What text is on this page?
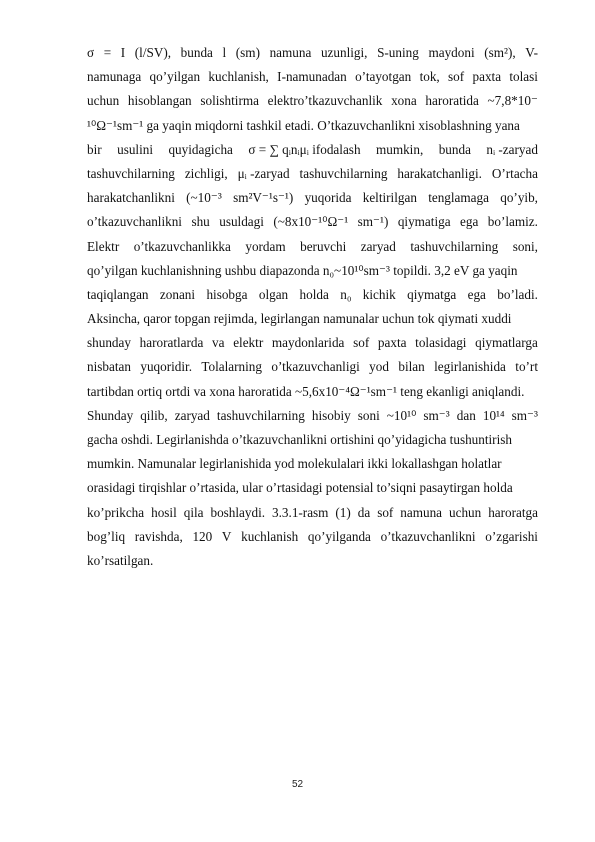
σ = I (l/SV), bunda l (sm) namuna uzunligi, S-uning maydoni (sm²), V-
namunaga qo’yilgan kuchlanish, I-namunadan o’tayotgan tok, sof paxta tolasi
uchun hisoblangan solishtirma elektro’tkazuvchanlik xona haroratida ~7,8*10⁻
¹⁰Ω⁻¹sm⁻¹ ga yaqin miqdorni tashkil etadi. O’tkazuvchanlikni xisoblashning yana
bir usulini quyidagicha σ = ∑ qᵢnᵢμᵢ ifodalash mumkin, bunda nᵢ -zaryad
tashuvchilarning zichligi, μᵢ -zaryad tashuvchilarning harakatchanligi. O’rtacha
harakatchanlikni (~10⁻³ sm²V⁻¹s⁻¹) yuqorida keltirilgan tenglamaga qo’yib,
o’tkazuvchanlikni shu usuldagi (~8x10⁻¹⁰Ω⁻¹ sm⁻¹) qiymatiga ega bo’lamiz.
Elektr o’tkazuvchanlikka yordam beruvchi zaryad tashuvchilarning soni,
qo’yilgan kuchlanishning ushbu diapazonda n₀~10¹⁰sm⁻³ topildi. 3,2 eV ga yaqin
taqiqlangan zonani hisobga olgan holda n₀ kichik qiymatga ega bo’ladi.
Aksincha, qaror topgan rejimda, legirlangan namunalar uchun tok qiymati xuddi
shunday haroratlarda va elektr maydonlarida sof paxta tolasidagi qiymatlarga
nisbatan yuqoridir. Tolalarning o’tkazuvchanligi yod bilan legirlanishida to’rt
tartibdan ortiq ortdi va xona haroratida ~5,6x10⁻⁴Ω⁻¹sm⁻¹ teng ekanligi aniqlandi.
Shunday qilib, zaryad tashuvchilarning hisobiy soni ~10¹⁰ sm⁻³ dan 10¹⁴ sm⁻³
gacha oshdi. Legirlanishda o’tkazuvchanlikni ortishini qo’yidagicha tushuntirish
mumkin. Namunalar legirlanishida yod molekulalari ikki lokallashgan holatlar
orasidagi tirqishlar o’rtasida, ular o’rtasidagi potensial to’siqni pasaytirgan holda
ko’prikcha hosil qila boshlaydi. 3.3.1-rasm (1) da sof namuna uchun haroratga
bog’liq ravishda, 120 V kuchlanish qo’yilganda o’tkazuvchanlikni o’zgarishi
ko’rsatilgan.
52
